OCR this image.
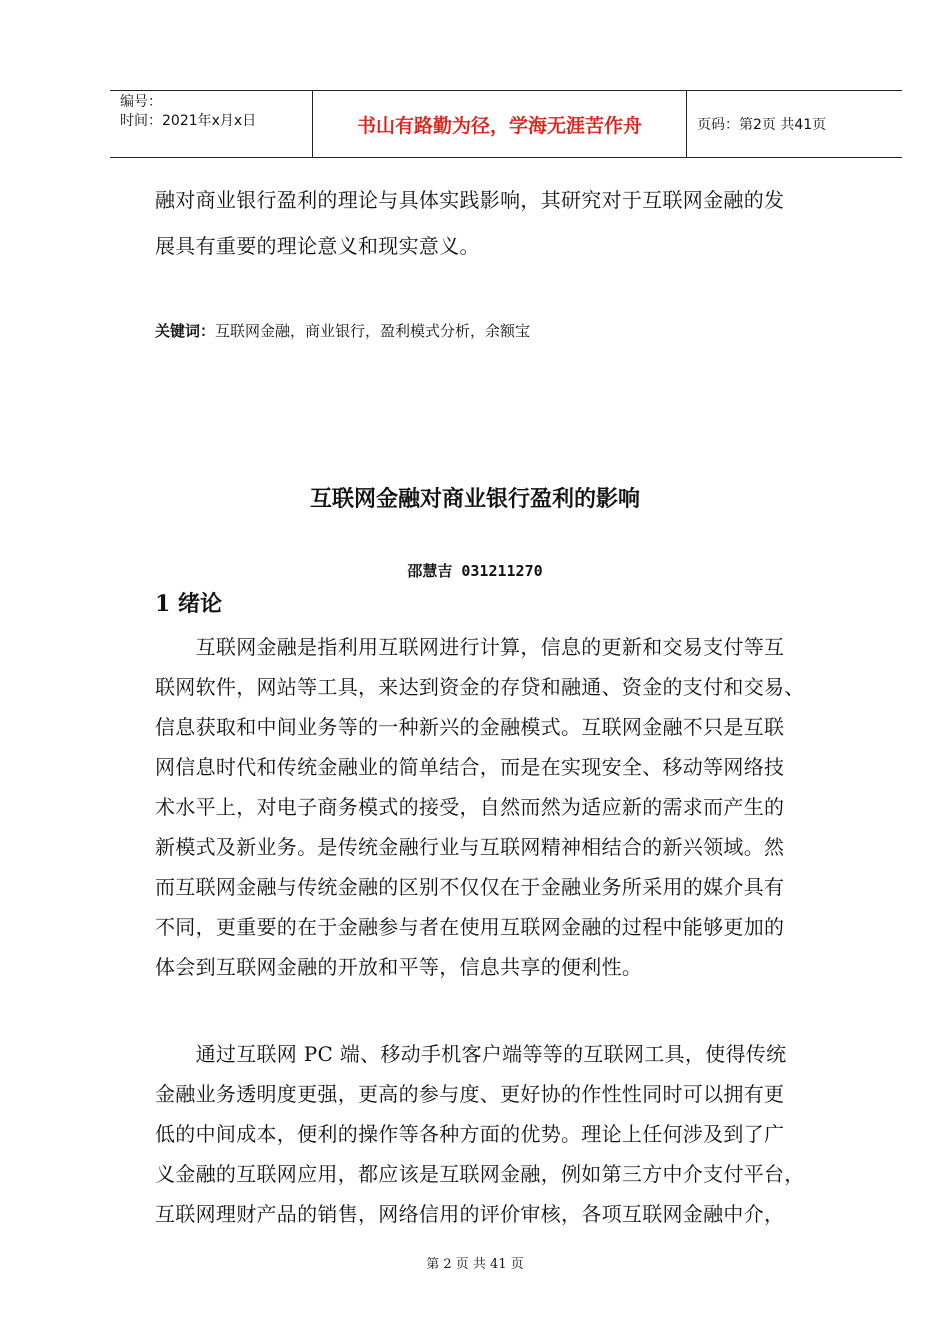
编号：
时间：2021年x月x日	书山有路勤为径，学海无涯苦作舟	页码：第2页 共41页
融对商业银行盈利的理论与具体实践影响，其研究对于互联网金融的发
展具有重要的理论意义和现实意义。
关键词：互联网金融，商业银行，盈利模式分析，余额宝
互联网金融对商业银行盈利的影响
邵慧吉 031211270
1 绪论
　　互联网金融是指利用互联网进行计算，信息的更新和交易支付等互
联网软件，网站等工具，来达到资金的存贷和融通、资金的支付和交易、
信息获取和中间业务等的一种新兴的金融模式。互联网金融不只是互联
网信息时代和传统金融业的简单结合，而是在实现安全、移动等网络技
术水平上，对电子商务模式的接受，自然而然为适应新的需求而产生的
新模式及新业务。是传统金融行业与互联网精神相结合的新兴领域。然
而互联网金融与传统金融的区别不仅仅在于金融业务所采用的媒介具有
不同，更重要的在于金融参与者在使用互联网金融的过程中能够更加的
体会到互联网金融的开放和平等，信息共享的便利性。
　　通过互联网 PC 端、移动手机客户端等等的互联网工具，使得传统
金融业务透明度更强，更高的参与度、更好协的作性性同时可以拥有更
低的中间成本，便利的操作等各种方面的优势。理论上任何涉及到了广
义金融的互联网应用，都应该是互联网金融，例如第三方中介支付平台，
互联网理财产品的销售，网络信用的评价审核，各项互联网金融中介，
第 2 页 共 41 页
